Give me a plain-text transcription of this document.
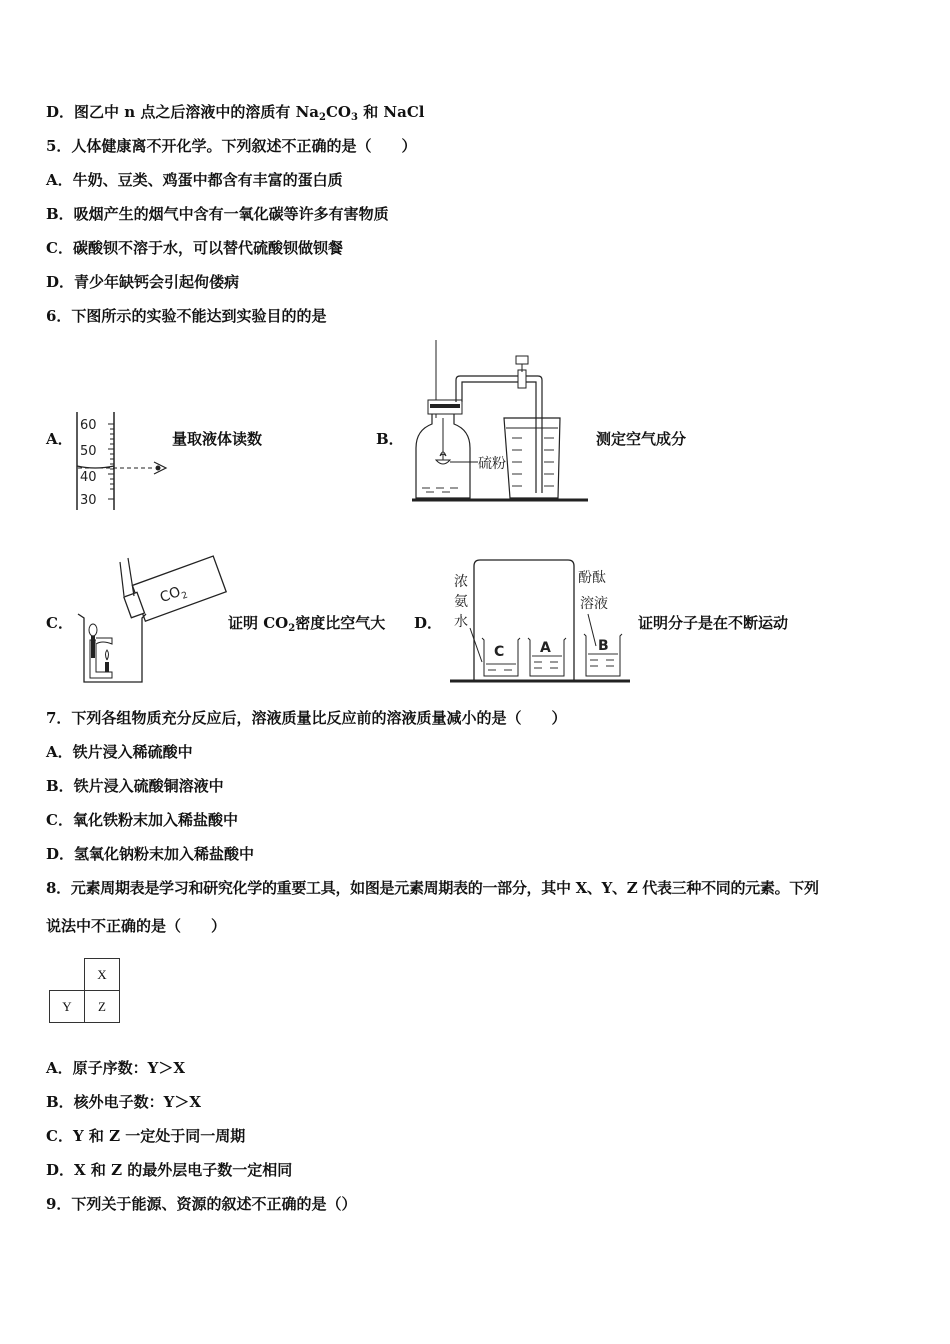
D．图乙中 n 点之后溶液中的溶质有 $Na_2CO_3$ 和 NaCl
5．人体健康离不开化学。下列叙述不正确的是（　　）
A．牛奶、豆类、鸡蛋中都含有丰富的蛋白质
B．吸烟产生的烟气中含有一氧化碳等许多有害物质
C．碳酸钡不溶于水，可以替代硫酸钡做钡餐
D．青少年缺钙会引起佝偻病
6．下图所示的实验不能达到实验目的的是
A．
60
50
40
30
量取液体读数	B．
硫粉
测定空气成分
C．
$CO_2$
证明 $CO_2$密度比空气大 D．
浓
氨
水
酚酞
溶液
C	A	B
证明分子是在不断运动
7．下列各组物质充分反应后，溶液质量比反应前的溶液质量减小的是（　　）
A．铁片浸入稀硫酸中
B．铁片浸入硫酸铜溶液中
C．氧化铁粉末加入稀盐酸中
D．氢氧化钠粉末加入稀盐酸中
8．元素周期表是学习和研究化学的重要工具，如图是元素周期表的一部分，其中 X、Y、Z 代表三种不同的元素。下列
说法中不正确的是（　　）
	X
Y	Z
A．原子序数：Y＞X
B．核外电子数：Y＞X
C．Y 和 Z 一定处于同一周期
D．X 和 Z 的最外层电子数一定相同
9．下列关于能源、资源的叙述不正确的是（）
